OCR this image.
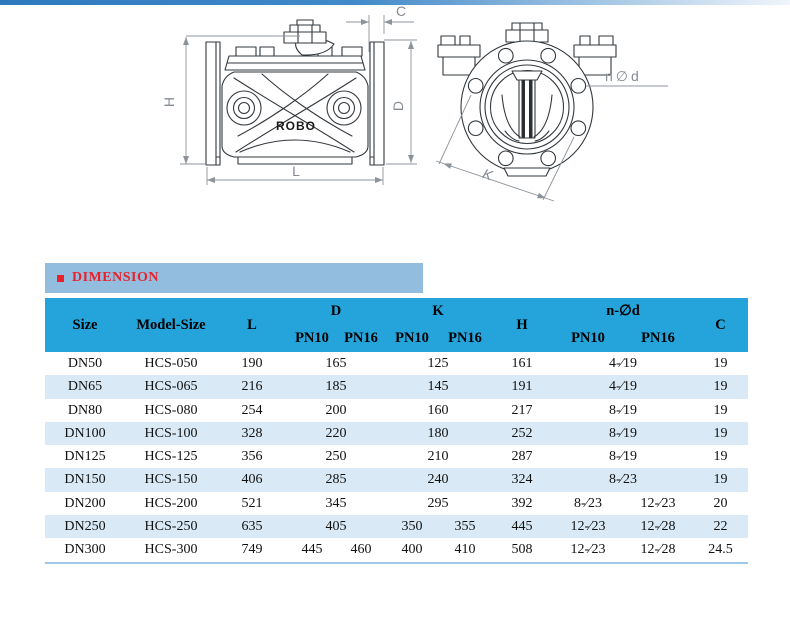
H	D
C
L
ROBO
n∅d
K
DIMENSION
Size	Model-Size	L	D		K		H	n-∅d		C
			PN10	PN16	PN10	PN16		PN10	PN16	
DN50	HCS-050	190	165		125		161	4-∕19		19
DN65	HCS-065	216	185		145		191	4-∕19		19
DN80	HCS-080	254	200		160		217	8-∕19		19
DN100	HCS-100	328	220		180		252	8-∕19		19
DN125	HCS-125	356	250		210		287	8-∕19		19
DN150	HCS-150	406	285		240		324	8-∕23		19
DN200	HCS-200	521	345		295		392	8-∕23	12-∕23	20
DN250	HCS-250	635	405		350	355	445	12-∕23	12-∕28	22
DN300	HCS-300	749	445	460	400	410	508	12-∕23	12-∕28	24.5
